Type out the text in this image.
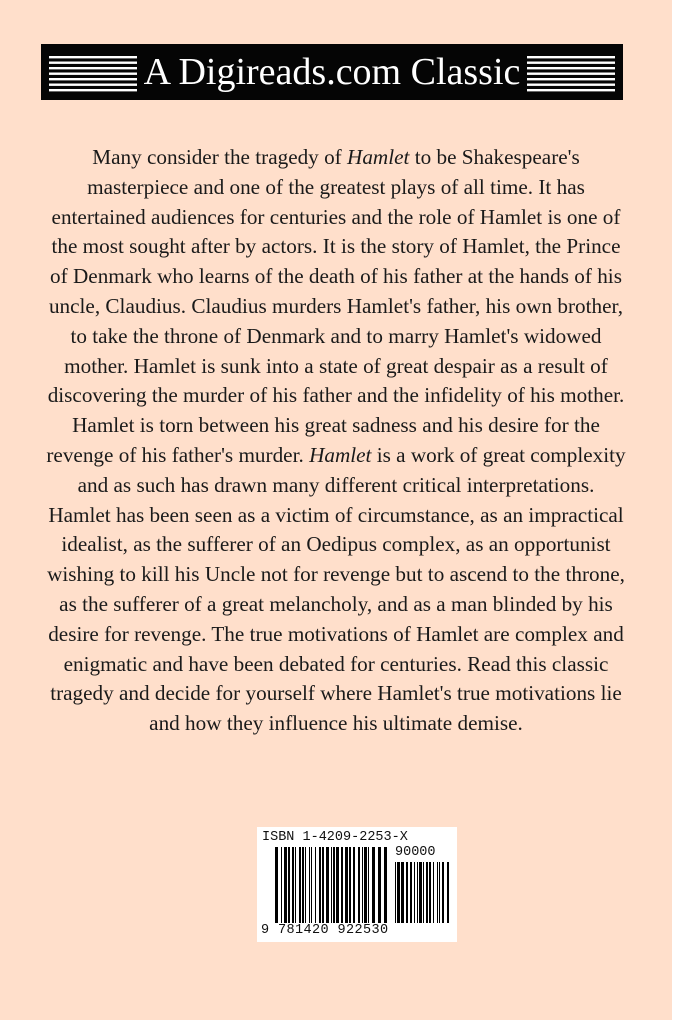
A Digireads.com Classic

Many consider the tragedy of Hamlet to be Shakespeare's masterpiece and one of the greatest plays of all time. It has entertained audiences for centuries and the role of Hamlet is one of the most sought after by actors. It is the story of Hamlet, the Prince of Denmark who learns of the death of his father at the hands of his uncle, Claudius. Claudius murders Hamlet's father, his own brother, to take the throne of Denmark and to marry Hamlet's widowed mother. Hamlet is sunk into a state of great despair as a result of discovering the murder of his father and the infidelity of his mother. Hamlet is torn between his great sadness and his desire for the revenge of his father's murder. Hamlet is a work of great complexity and as such has drawn many different critical interpretations. Hamlet has been seen as a victim of circumstance, as an impractical idealist, as the sufferer of an Oedipus complex, as an opportunist wishing to kill his Uncle not for revenge but to ascend to the throne, as the sufferer of a great melancholy, and as a man blinded by his desire for revenge. The true motivations of Hamlet are complex and enigmatic and have been debated for centuries. Read this classic tragedy and decide for yourself where Hamlet's true motivations lie and how they influence his ultimate demise.

ISBN 1-4209-2253-X
90000
9 781420 922530
